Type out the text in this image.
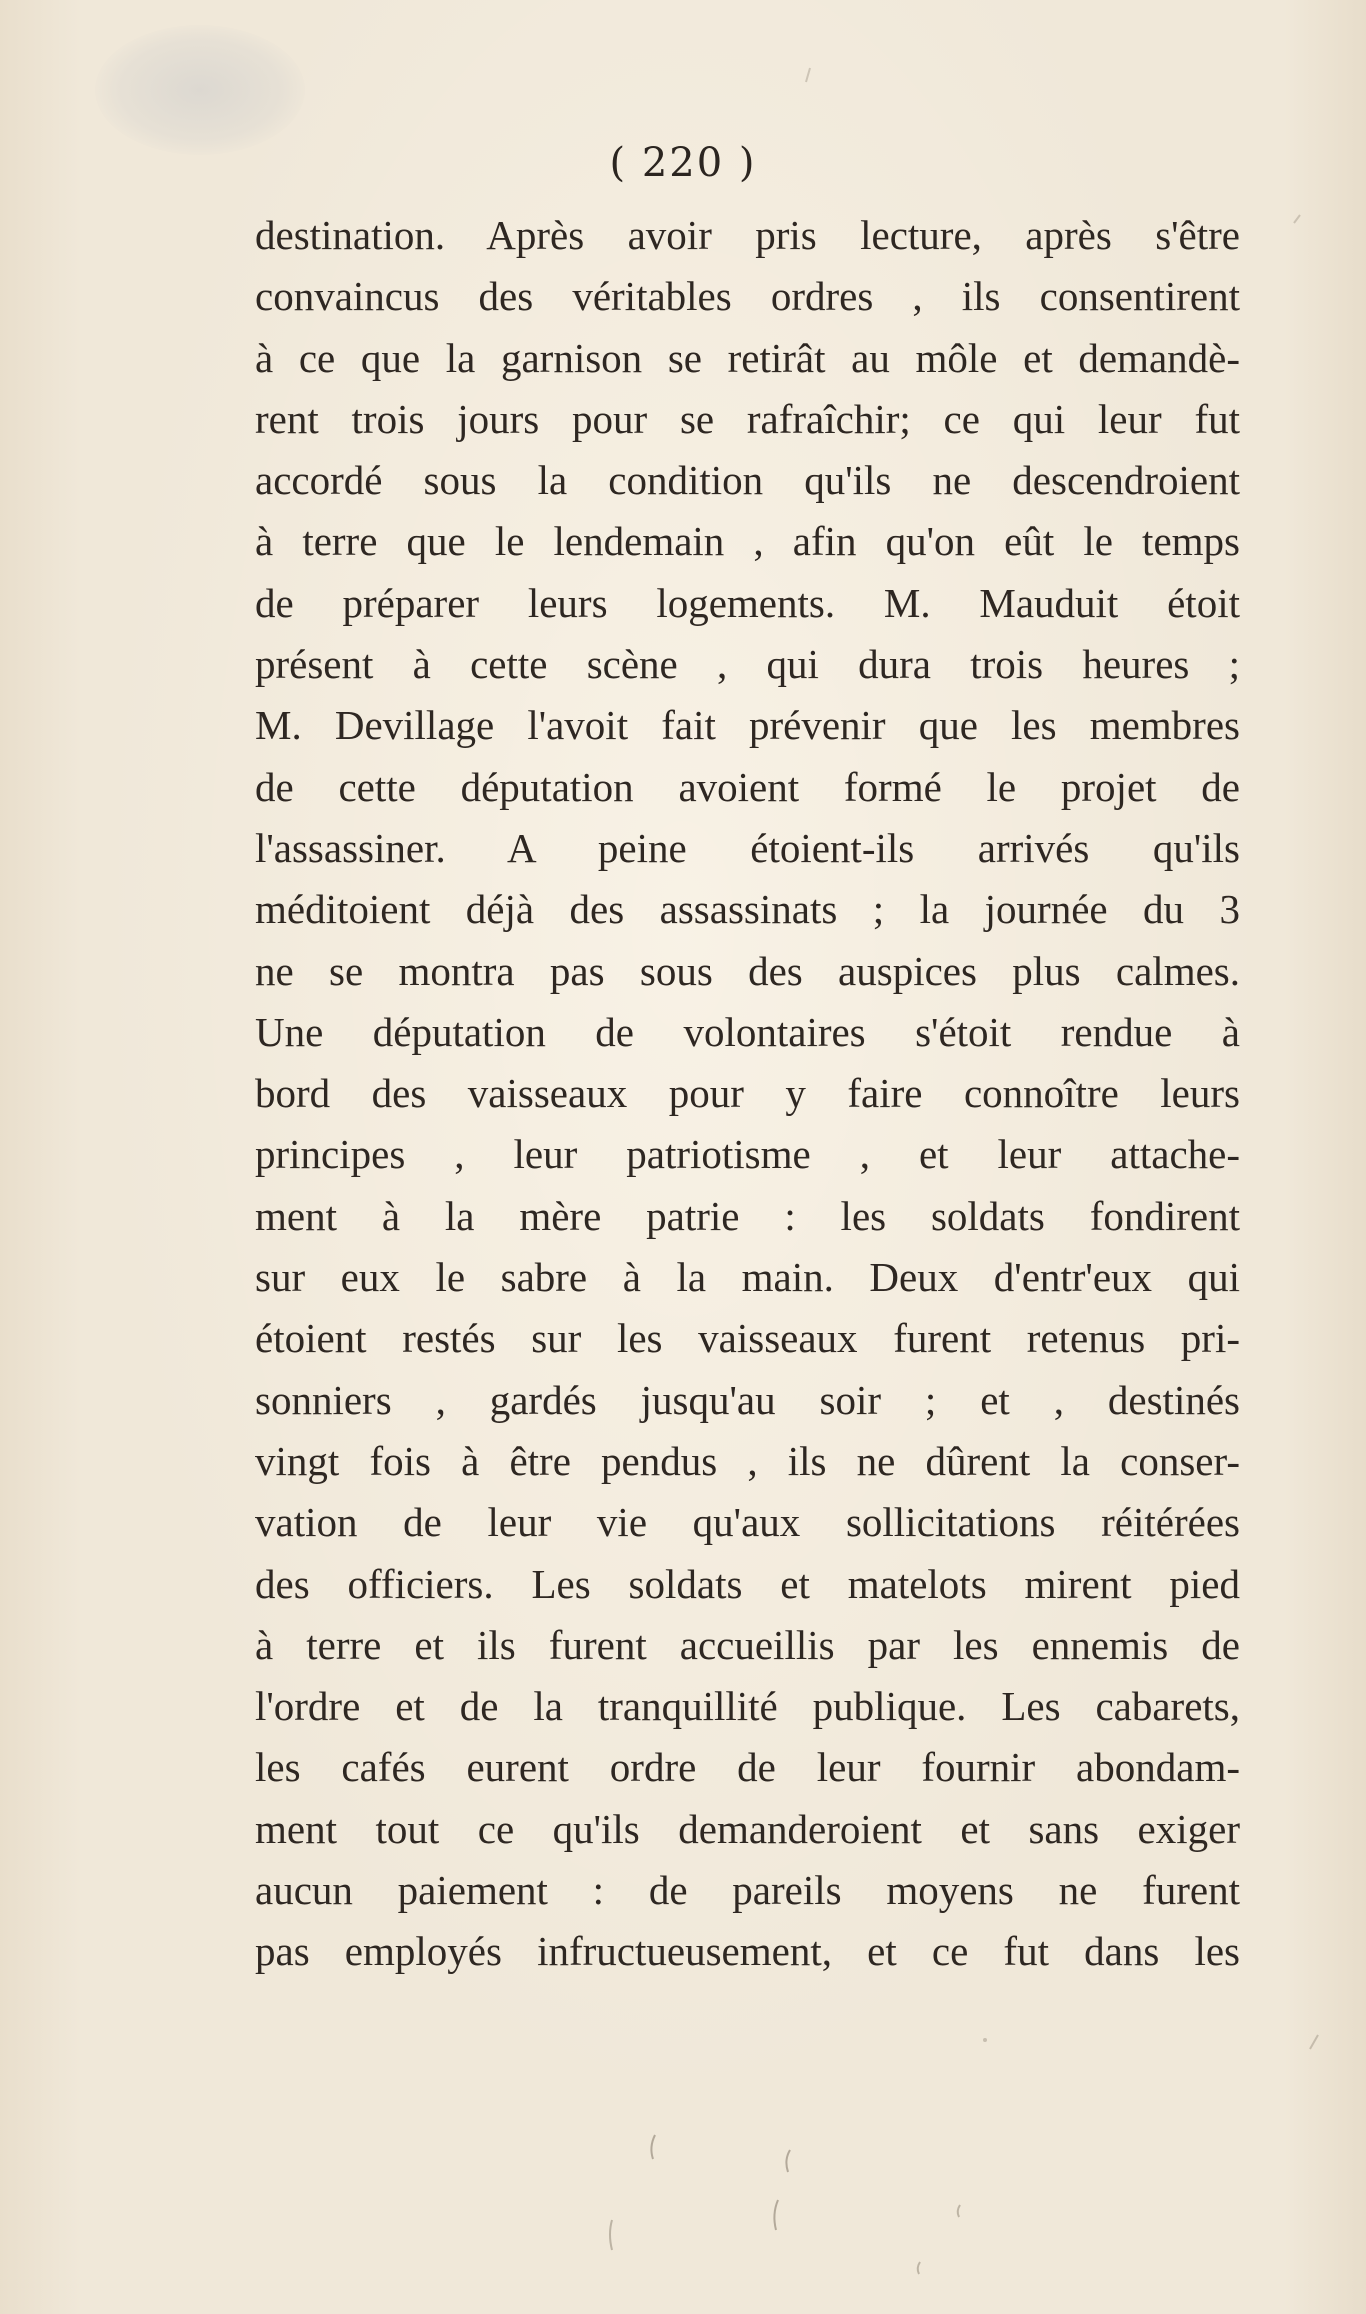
( 220 )
destination. Après avoir pris lecture, après s'être
convaincus des véritables ordres , ils consentirent
à ce que la garnison se retirât au môle et demandè-
rent trois jours pour se rafraîchir; ce qui leur fut
accordé sous la condition qu'ils ne descendroient
à terre que le lendemain , afin qu'on eût le temps
de préparer leurs logements. M. Mauduit étoit
présent à cette scène , qui dura trois heures ;
M. Devillage l'avoit fait prévenir que les membres
de cette députation avoient formé le projet de
l'assassiner. A peine étoient-ils arrivés qu'ils
méditoient déjà des assassinats ; la journée du 3
ne se montra pas sous des auspices plus calmes.
Une députation de volontaires s'étoit rendue à
bord des vaisseaux pour y faire connoître leurs
principes , leur patriotisme , et leur attache-
ment à la mère patrie : les soldats fondirent
sur eux le sabre à la main. Deux d'entr'eux qui
étoient restés sur les vaisseaux furent retenus pri-
sonniers , gardés jusqu'au soir ; et , destinés
vingt fois à être pendus , ils ne dûrent la conser-
vation de leur vie qu'aux sollicitations réitérées
des officiers. Les soldats et matelots mirent pied
à terre et ils furent accueillis par les ennemis de
l'ordre et de la tranquillité publique. Les cabarets,
les cafés eurent ordre de leur fournir abondam-
ment tout ce qu'ils demanderoient et sans exiger
aucun paiement : de pareils moyens ne furent
pas employés infructueusement, et ce fut dans les
